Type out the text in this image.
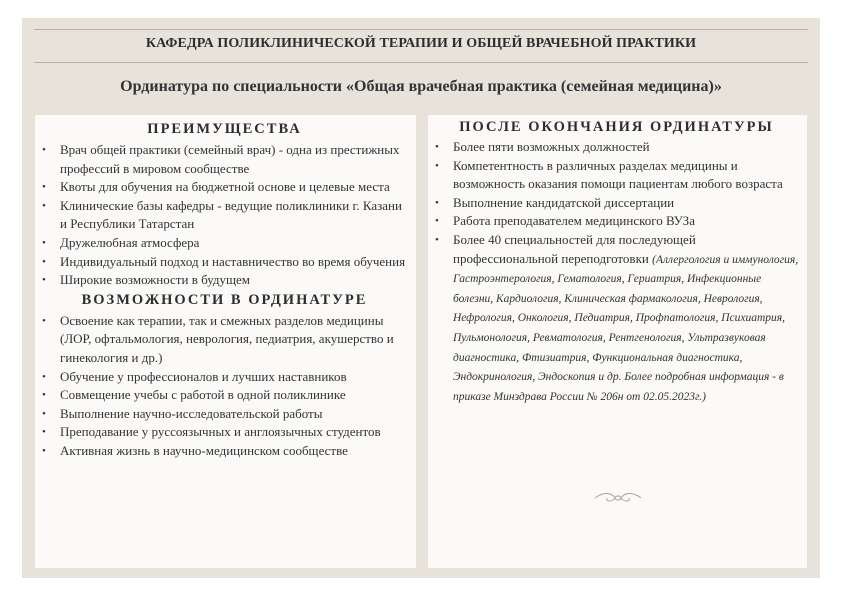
КАФЕДРА ПОЛИКЛИНИЧЕСКОЙ ТЕРАПИИ И ОБЩЕЙ ВРАЧЕБНОЙ ПРАКТИКИ
Ординатура по специальности «Общая врачебная практика (семейная медицина)»
ПРЕИМУЩЕСТВА
• Врач общей практики (семейный врач) - одна из престижных профессий в мировом сообществе
• Квоты для обучения на бюджетной основе и целевые места
• Клинические базы кафедры - ведущие поликлиники г. Казани и Республики Татарстан
• Дружелюбная атмосфера
• Индивидуальный подход и наставничество во время обучения
• Широкие возможности в будущем
ВОЗМОЖНОСТИ В ОРДИНАТУРЕ
• Освоение как терапии, так и смежных разделов медицины (ЛОР, офтальмология, неврология, педиатрия, акушерство и гинекология и др.)
• Обучение у профессионалов и лучших наставников
• Совмещение учебы с работой в одной поликлинике
• Выполнение научно-исследовательской работы
• Преподавание у руссоязычных и англоязычных студентов
• Активная жизнь в научно-медицинском сообществе
ПОСЛЕ ОКОНЧАНИЯ ОРДИНАТУРЫ
• Более пяти возможных должностей
• Компетентность в различных разделах медицины и возможность оказания помощи пациентам любого возраста
• Выполнение кандидатской диссертации
• Работа преподавателем медицинского ВУЗа
• Более 40 специальностей для последующей профессиональной переподготовки (Аллергология и иммунология, Гастроэнтерология, Гематология, Гериатрия, Инфекционные болезни, Кардиология, Клиническая фармакология, Неврология, Нефрология, Онкология, Педиатрия, Профпатология, Психиатрия, Пульмонология, Ревматология, Рентгенология, Ультразвуковая диагностика, Фтизиатрия, Функциональная диагностика, Эндокринология, Эндоскопия и др. Более подробная информация - в приказе Минздрава России № 206н от 02.05.2023г.)
